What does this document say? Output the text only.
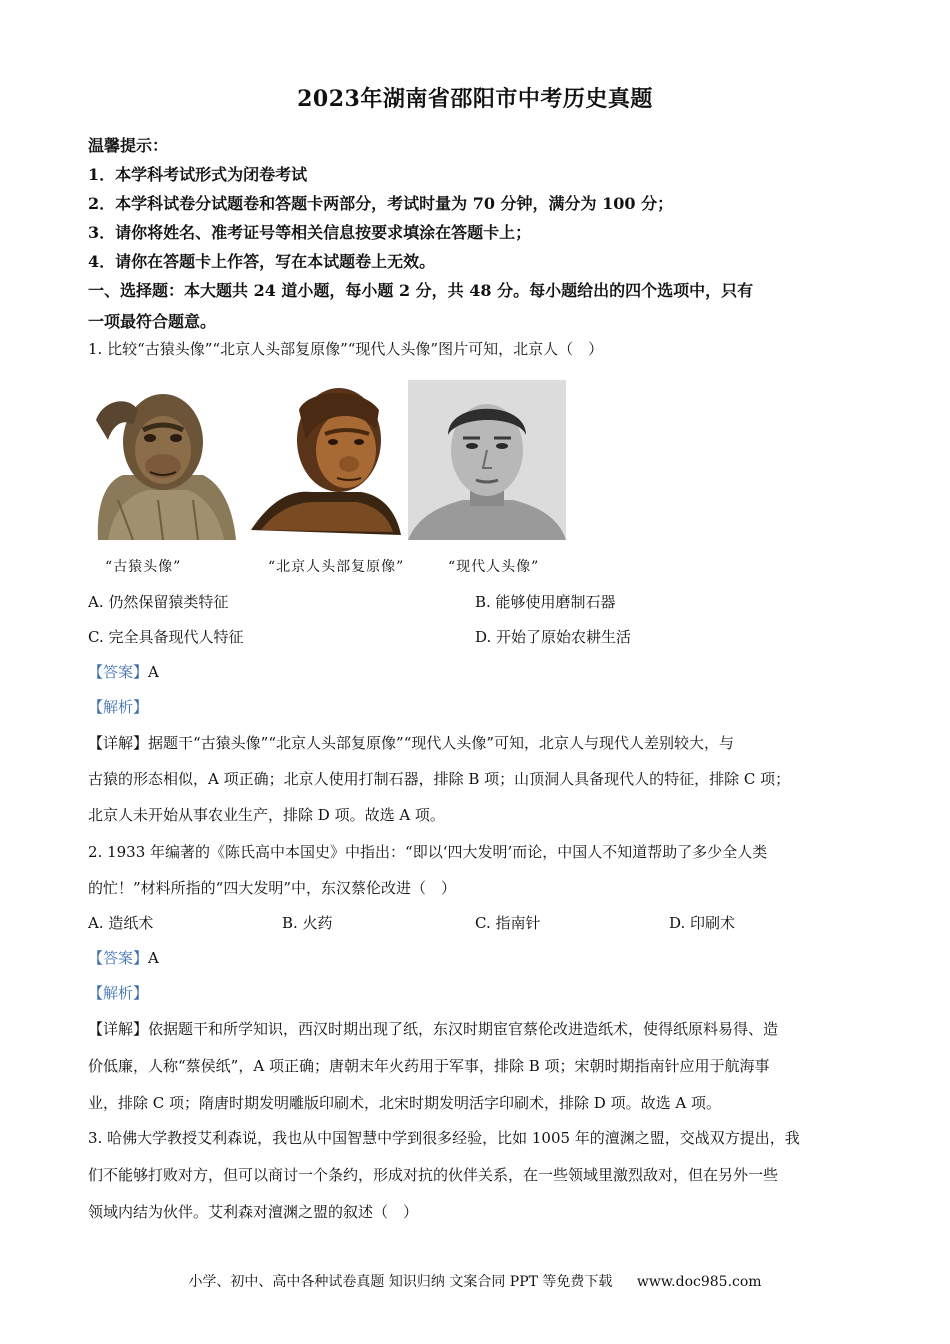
2023年湖南省邵阳市中考历史真题
温馨提示：
1．本学科考试形式为闭卷考试
2．本学科试卷分试题卷和答题卡两部分，考试时量为 70 分钟，满分为 100 分；
3．请你将姓名、准考证号等相关信息按要求填涂在答题卡上；
4．请你在答题卡上作答，写在本试题卷上无效。
一、选择题：本大题共 24 道小题，每小题 2 分，共 48 分。每小题给出的四个选项中，只有
一项最符合题意。
1. 比较“古猿头像”“北京人头部复原像”“现代人头像”图片可知，北京人（　）
“古猿头像”	“北京人头部复原像”	“现代人头像”
A. 仍然保留猿类特征	B. 能够使用磨制石器
C. 完全具备现代人特征	D. 开始了原始农耕生活
【答案】A
【解析】
【详解】据题干“古猿头像”“北京人头部复原像”“现代人头像”可知，北京人与现代人差别较大，与
古猿的形态相似，A 项正确；北京人使用打制石器，排除 B 项；山顶洞人具备现代人的特征，排除 C 项；
北京人未开始从事农业生产，排除 D 项。故选 A 项。
2. 1933 年编著的《陈氏高中本国史》中指出：“即以‘四大发明’而论，中国人不知道帮助了多少全人类
的忙！”材料所指的“四大发明”中，东汉蔡伦改进（　）
A. 造纸术	B. 火药	C. 指南针	D. 印刷术
【答案】A
【解析】
【详解】依据题干和所学知识，西汉时期出现了纸，东汉时期宦官蔡伦改进造纸术，使得纸原料易得、造
价低廉，人称“蔡侯纸”，A 项正确；唐朝末年火药用于军事，排除 B 项；宋朝时期指南针应用于航海事
业，排除 C 项；隋唐时期发明雕版印刷术，北宋时期发明活字印刷术，排除 D 项。故选 A 项。
3. 哈佛大学教授艾利森说，我也从中国智慧中学到很多经验，比如 1005 年的澶渊之盟，交战双方提出，我
们不能够打败对方，但可以商讨一个条约，形成对抗的伙伴关系，在一些领域里激烈敌对，但在另外一些
领域内结为伙伴。艾利森对澶渊之盟的叙述（　）
小学、初中、高中各种试卷真题 知识归纳 文案合同 PPT 等免费下载 www.doc985.com
